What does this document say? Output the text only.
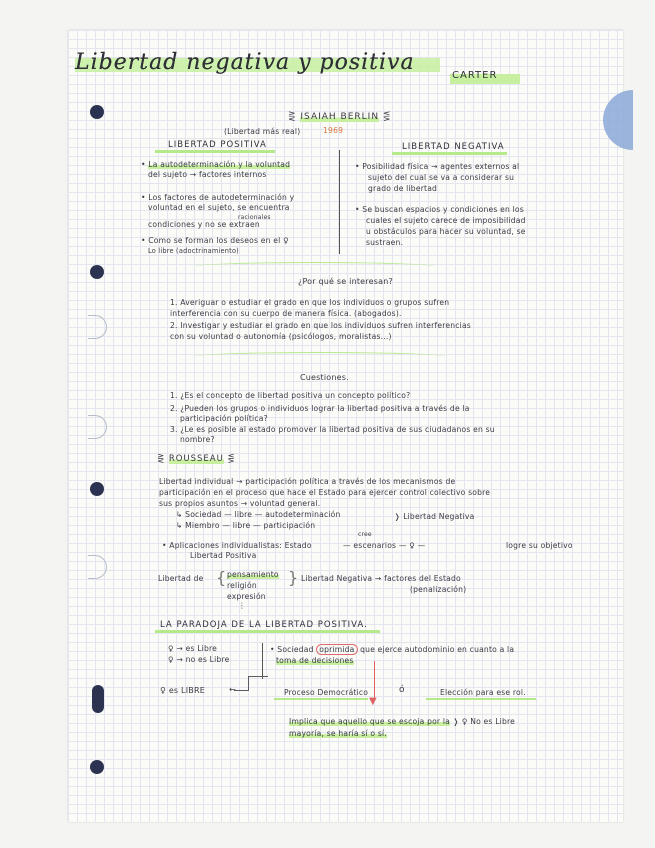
Libertad negativa y positiva
CARTER
⋛ ISAIAH BERLIN ⋚
(Libertad más real)	1969
LIBERTAD POSITIVA
• La autodeterminación y la voluntad
del sujeto → factores internos
• Los factores de autodeterminación y
voluntad en el sujeto, se encuentra
racionales
condiciones y no se extraen
• Como se forman los deseos en el ♀
Lo libre (adoctrinamiento)
LIBERTAD NEGATIVA
• Posibilidad física → agentes externos al
sujeto del cual se va a considerar su
grado de libertad
• Se buscan espacios y condiciones en los
cuales el sujeto carece de imposibilidad
u obstáculos para hacer su voluntad, se
sustraen.
¿Por qué se interesan?
1. Averiguar o estudiar el grado en que los individuos o grupos sufren
interferencia con su cuerpo de manera física. (abogados).
2. Investigar y estudiar el grado en que los individuos sufren interferencias
con su voluntad o autonomía (psicólogos, moralistas...)
Cuestiones.
1. ¿Es el concepto de libertad positiva un concepto político?
2. ¿Pueden los grupos o individuos lograr la libertad positiva a través de la
participación política?
3. ¿Le es posible al estado promover la libertad positiva de sus ciudadanos en su
nombre?
⋛ ROUSSEAU ⋚
Libertad individual → participación política a través de los mecanismos de
participación en el proceso que hace el Estado para ejercer control colectivo sobre
sus propios asuntos → voluntad general.
↳ Sociedad — libre — autodeterminación
↳ Miembro — libre — participación
❭ Libertad Negativa
• Aplicaciones individualistas: Estado
cree
— escenarios — ♀ —	logre su objetivo
Libertad Positiva
Libertad de { pensamiento
religión
expresión
⋮
} Libertad Negativa → factores del Estado
(penalización)
LA PARADOJA DE LA LIBERTAD POSITIVA.
♀ → es Libre
♀ → no es Libre
• Sociedad oprimida que ejerce autodominio en cuanto a la
toma de decisiones
▼
♀ es LIBRE	←	Proceso Democrático	ó	Elección para ese rol.
Implica que aquello que se escoja por la ❭ ♀ No es Libre
mayoría, se haría sí o sí.
